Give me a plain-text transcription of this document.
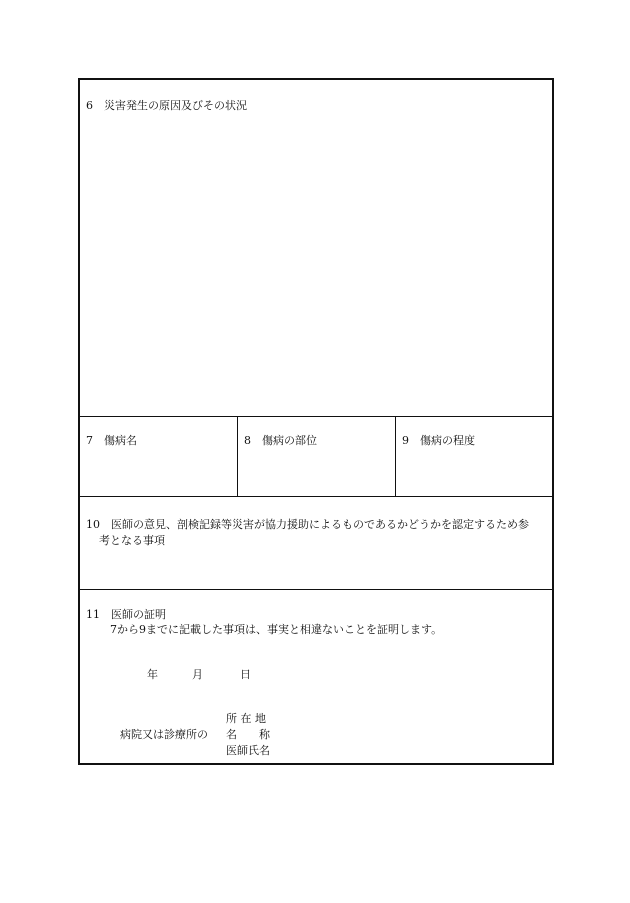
6　災害発生の原因及びその状況
7　傷病名	8　傷病の部位	9　傷病の程度
10　医師の意見、剖検記録等災害が協力援助によるものであるかどうかを認定するため参
考となる事項
11　医師の証明
7から9までに記載した事項は、事実と相違ないことを証明します。
年	月	日
病院又は診療所の
所 在 地
名　　称
医師氏名
